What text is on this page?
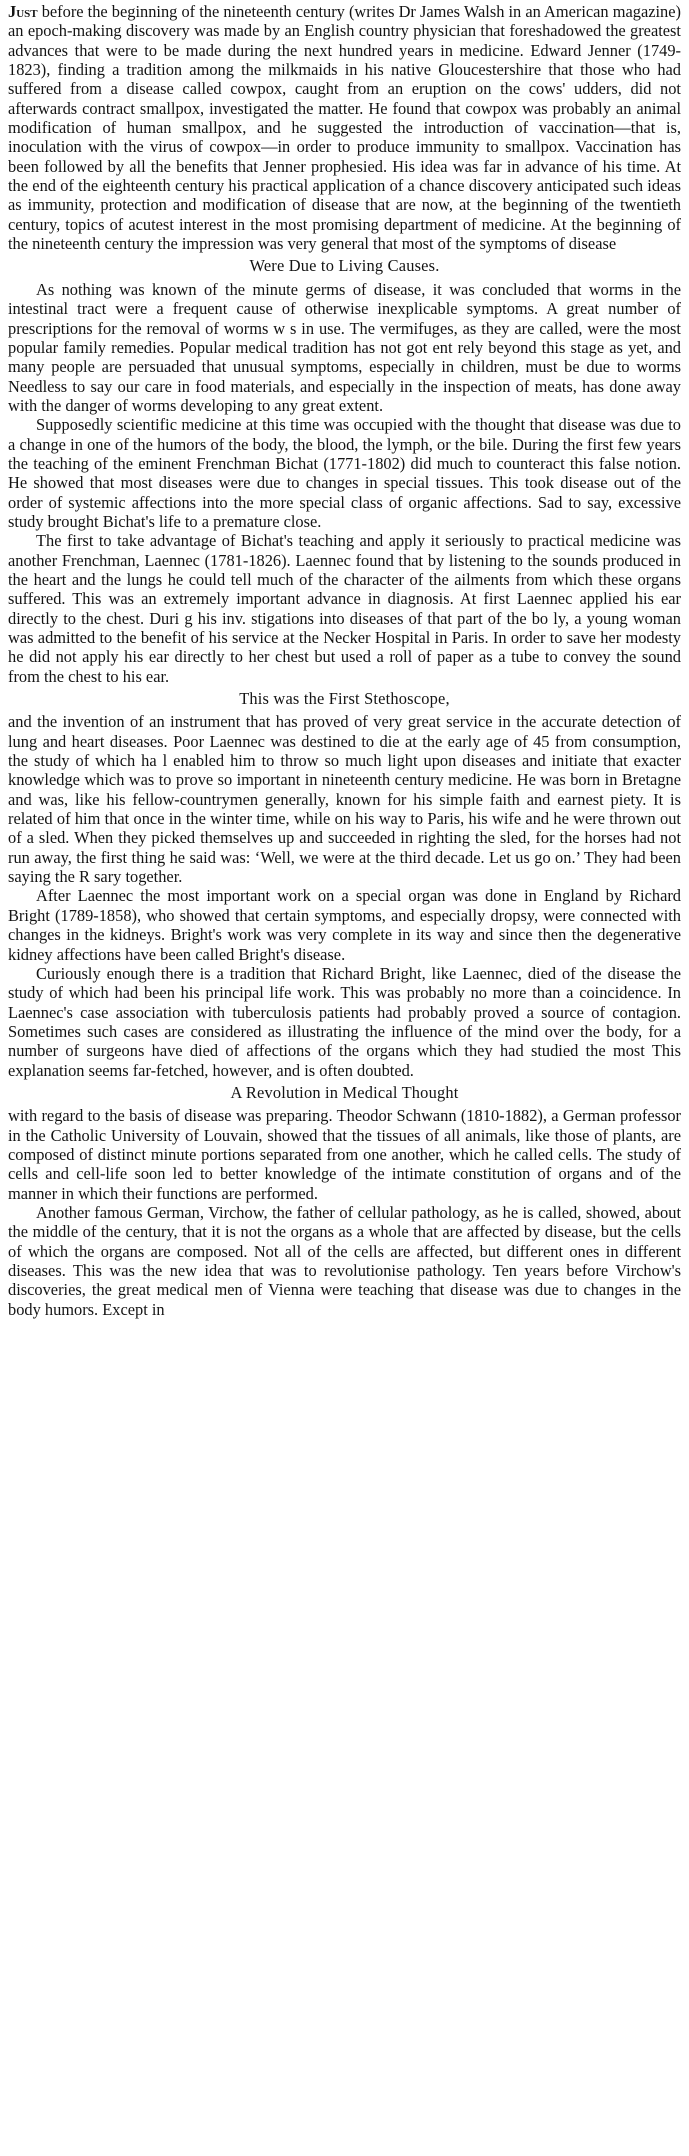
Just before the beginning of the nineteenth century (writes Dr James Walsh in an American magazine) an epoch-making discovery was made by an English country physician that foreshadowed the greatest advances that were to be made during the next hundred years in medicine. Edward Jenner (1749-1823), finding a tradition among the milkmaids in his native Gloucestershire that those who had suffered from a disease called cowpox, caught from an eruption on the cows' udders, did not afterwards contract smallpox, investigated the matter. He found that cowpox was probably an animal modification of human smallpox, and he suggested the introduction of vaccination—that is, inoculation with the virus of cowpox—in order to produce immunity to smallpox. Vaccination has been followed by all the benefits that Jenner prophesied. His idea was far in advance of his time. At the end of the eighteenth century his practical application of a chance discovery anticipated such ideas as immunity, protection and modification of disease that are now, at the beginning of the twentieth century, topics of acutest interest in the most promising department of medicine. At the beginning of the nineteenth century the impression was very general that most of the symptoms of disease

Were Due to Living Causes.

As nothing was known of the minute germs of disease, it was concluded that worms in the intestinal tract were a frequent cause of otherwise inexplicable symptoms. A great number of prescriptions for the removal of worms w s in use. The vermifuges, as they are called, were the most popular family remedies. Popular medical tradition has not got ent rely beyond this stage as yet, and many people are persuaded that unusual symptoms, especially in children, must be due to worms Needless to say our care in food materials, and especially in the inspection of meats, has done away with the danger of worms developing to any great extent.

Supposedly scientific medicine at this time was occupied with the thought that disease was due to a change in one of the humors of the body, the blood, the lymph, or the bile. During the first few years the teaching of the eminent Frenchman Bichat (1771-1802) did much to counteract this false notion. He showed that most diseases were due to changes in special tissues. This took disease out of the order of systemic affections into the more special class of organic affections. Sad to say, excessive study brought Bichat's life to a premature close.

The first to take advantage of Bichat's teaching and apply it seriously to practical medicine was another Frenchman, Laennec (1781-1826). Laennec found that by listening to the sounds produced in the heart and the lungs he could tell much of the character of the ailments from which these organs suffered. This was an extremely important advance in diagnosis. At first Laennec applied his ear directly to the chest. Duri g his inv. stigations into diseases of that part of the bo ly, a young woman was admitted to the benefit of his service at the Necker Hospital in Paris. In order to save her modesty he did not apply his ear directly to her chest but used a roll of paper as a tube to convey the sound from the chest to his ear.

This was the First Stethoscope,

and the invention of an instrument that has proved of very great service in the accurate detection of lung and heart diseases. Poor Laennec was destined to die at the early age of 45 from consumption, the study of which ha l enabled him to throw so much light upon diseases and initiate that exacter knowledge which was to prove so important in nineteenth century medicine. He was born in Bretagne and was, like his fellow-countrymen generally, known for his simple faith and earnest piety. It is related of him that once in the winter time, while on his way to Paris, his wife and he were thrown out of a sled. When they picked themselves up and succeeded in righting the sled, for the horses had not run away, the first thing he said was: ‘Well, we were at the third decade. Let us go on.’ They had been saying the R sary together.

After Laennec the most important work on a special organ was done in England by Richard Bright (1789-1858), who showed that certain symptoms, and especially dropsy, were connected with changes in the kidneys. Bright's work was very complete in its way and since then the degenerative kidney affections have been called Bright's disease.

Curiously enough there is a tradition that Richard Bright, like Laennec, died of the disease the study of which had been his principal life work. This was probably no more than a coincidence. In Laennec's case association with tuberculosis patients had probably proved a source of contagion. Sometimes such cases are considered as illustrating the influence of the mind over the body, for a number of surgeons have died of affections of the organs which they had studied the most This explanation seems far-fetched, however, and is often doubted.

A Revolution in Medical Thought

with regard to the basis of disease was preparing. Theodor Schwann (1810-1882), a German professor in the Catholic University of Louvain, showed that the tissues of all animals, like those of plants, are composed of distinct minute portions separated from one another, which he called cells. The study of cells and cell-life soon led to better knowledge of the intimate constitution of organs and of the manner in which their functions are performed.

Another famous German, Virchow, the father of cellular pathology, as he is called, showed, about the middle of the century, that it is not the organs as a whole that are affected by disease, but the cells of which the organs are composed. Not all of the cells are affected, but different ones in different diseases. This was the new idea that was to revolutionise pathology. Ten years before Virchow's discoveries, the great medical men of Vienna were teaching that disease was due to changes in the body humors. Except in
